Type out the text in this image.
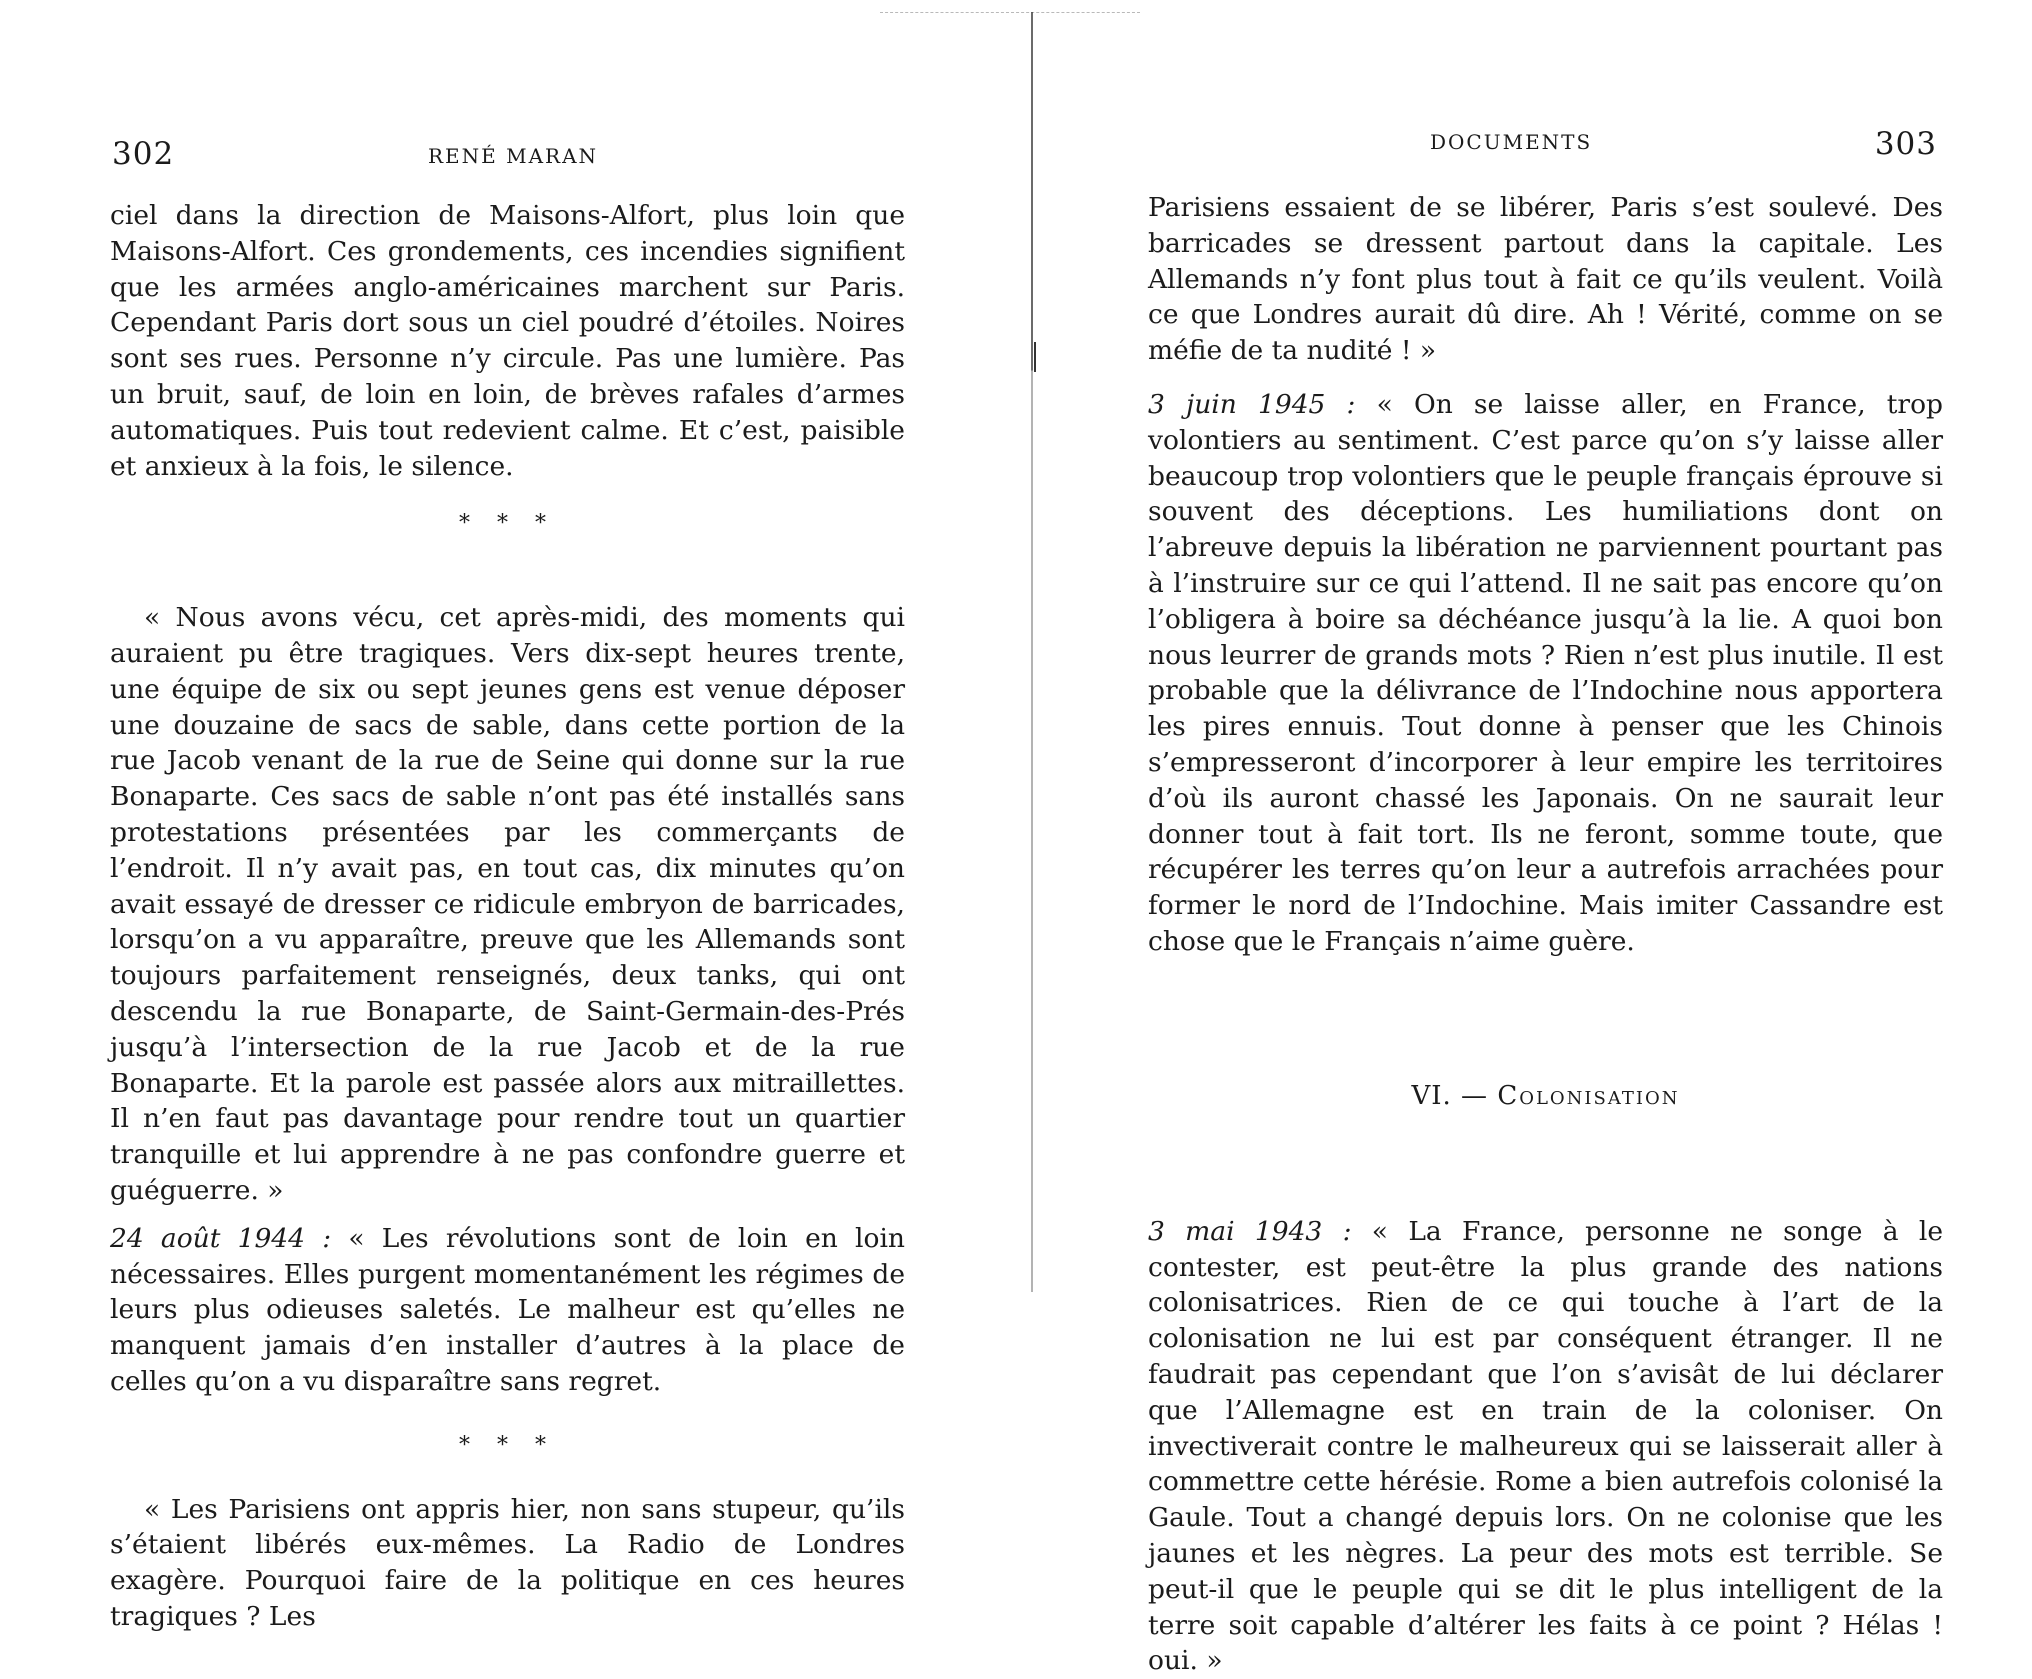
302	RENÉ MARAN

ciel dans la direction de Maisons-Alfort, plus loin que Maisons-Alfort. Ces grondements, ces incendies signifient que les armées anglo-américaines marchent sur Paris. Cependant Paris dort sous un ciel poudré d’étoiles. Noires sont ses rues. Personne n’y circule. Pas une lumière. Pas un bruit, sauf, de loin en loin, de brèves rafales d’armes automatiques. Puis tout redevient calme. Et c’est, paisible et anxieux à la fois, le silence.

* * *

« Nous avons vécu, cet après-midi, des moments qui auraient pu être tragiques. Vers dix-sept heures trente, une équipe de six ou sept jeunes gens est venue déposer une douzaine de sacs de sable, dans cette portion de la rue Jacob venant de la rue de Seine qui donne sur la rue Bonaparte. Ces sacs de sable n’ont pas été installés sans protestations présentées par les commerçants de l’endroit. Il n’y avait pas, en tout cas, dix minutes qu’on avait essayé de dresser ce ridicule embryon de barricades, lorsqu’on a vu apparaître, preuve que les Allemands sont toujours parfaitement renseignés, deux tanks, qui ont descendu la rue Bonaparte, de Saint-Germain-des-Prés jusqu’à l’intersection de la rue Jacob et de la rue Bonaparte. Et la parole est passée alors aux mitraillettes. Il n’en faut pas davantage pour rendre tout un quartier tranquille et lui apprendre à ne pas confondre guerre et guéguerre. »

24 août 1944 : « Les révolutions sont de loin en loin nécessaires. Elles purgent momentanément les régimes de leurs plus odieuses saletés. Le malheur est qu’elles ne manquent jamais d’en installer d’autres à la place de celles qu’on a vu disparaître sans regret.

* * *

« Les Parisiens ont appris hier, non sans stupeur, qu’ils s’étaient libérés eux-mêmes. La Radio de Londres exagère. Pourquoi faire de la politique en ces heures tragiques ? Les

DOCUMENTS	303

Parisiens essaient de se libérer, Paris s’est soulevé. Des barricades se dressent partout dans la capitale. Les Allemands n’y font plus tout à fait ce qu’ils veulent. Voilà ce que Londres aurait dû dire. Ah ! Vérité, comme on se méfie de ta nudité ! »

3 juin 1945 : « On se laisse aller, en France, trop volontiers au sentiment. C’est parce qu’on s’y laisse aller beaucoup trop volontiers que le peuple français éprouve si souvent des déceptions. Les humiliations dont on l’abreuve depuis la libération ne parviennent pourtant pas à l’instruire sur ce qui l’attend. Il ne sait pas encore qu’on l’obligera à boire sa déchéance jusqu’à la lie. A quoi bon nous leurrer de grands mots ? Rien n’est plus inutile. Il est probable que la délivrance de l’Indochine nous apportera les pires ennuis. Tout donne à penser que les Chinois s’empresseront d’incorporer à leur empire les territoires d’où ils auront chassé les Japonais. On ne saurait leur donner tout à fait tort. Ils ne feront, somme toute, que récupérer les terres qu’on leur a autrefois arrachées pour former le nord de l’Indochine. Mais imiter Cassandre est chose que le Français n’aime guère.

VI. — Colonisation

3 mai 1943 : « La France, personne ne songe à le contester, est peut-être la plus grande des nations colonisatrices. Rien de ce qui touche à l’art de la colonisation ne lui est par conséquent étranger. Il ne faudrait pas cependant que l’on s’avisât de lui déclarer que l’Allemagne est en train de la coloniser. On invectiverait contre le malheureux qui se laisserait aller à commettre cette hérésie. Rome a bien autrefois colonisé la Gaule. Tout a changé depuis lors. On ne colonise que les jaunes et les nègres. La peur des mots est terrible. Se peut-il que le peuple qui se dit le plus intelligent de la terre soit capable d’altérer les faits à ce point ? Hélas ! oui. »
